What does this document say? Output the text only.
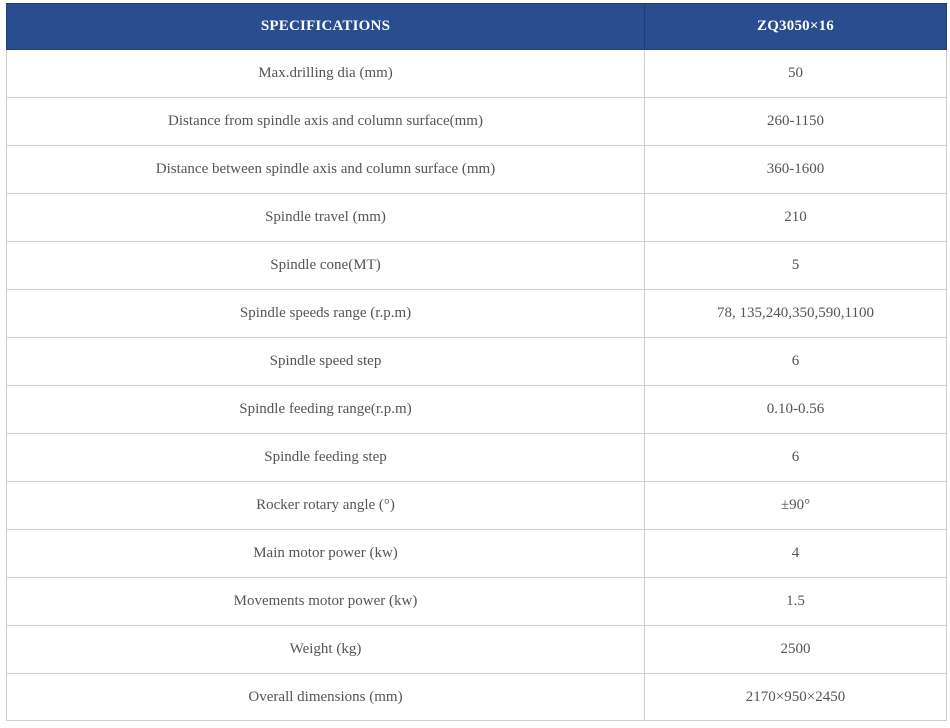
SPECIFICATIONS	ZQ3050×16
Max.drilling dia (mm)	50
Distance from spindle axis and column surface(mm)	260-1150
Distance between spindle axis and column surface (mm)	360-1600
Spindle travel (mm)	210
Spindle cone(MT)	5
Spindle speeds range (r.p.m)	78, 135,240,350,590,1100
Spindle speed step	6
Spindle feeding range(r.p.m)	0.10-0.56
Spindle feeding step	6
Rocker rotary angle (°)	±90°
Main motor power (kw)	4
Movements motor power (kw)	1.5
Weight (kg)	2500
Overall dimensions (mm)	2170×950×2450
